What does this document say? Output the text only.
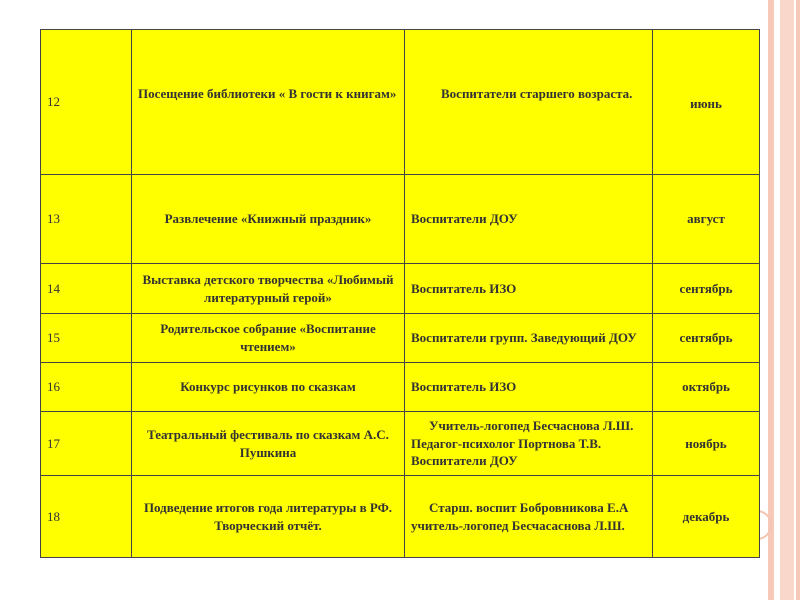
12	Посещение библиотеки « В гости к книгам»	Воспитатели старшего возраста.	июнь
13	Развлечение «Книжный праздник»	Воспитатели ДОУ	август
14	Выставка детского творчества «Любимый литературный герой»	Воспитатель ИЗО	сентябрь
15	Родительское собрание «Воспитание чтением»	Воспитатели групп. Заведующий ДОУ	сентябрь
16	Конкурс рисунков по сказкам	Воспитатель ИЗО	октябрь
17	Театральный фестиваль по сказкам А.С. Пушкина	Учитель-логопед Бесчаснова Л.Ш. Педагог-психолог Портнова Т.В. Воспитатели ДОУ	ноябрь
18	Подведение итогов года литературы в РФ. Творческий отчёт.	Старш. воспит Бобровникова Е.А учитель-логопед Бесчасаснова Л.Ш.	декабрь
